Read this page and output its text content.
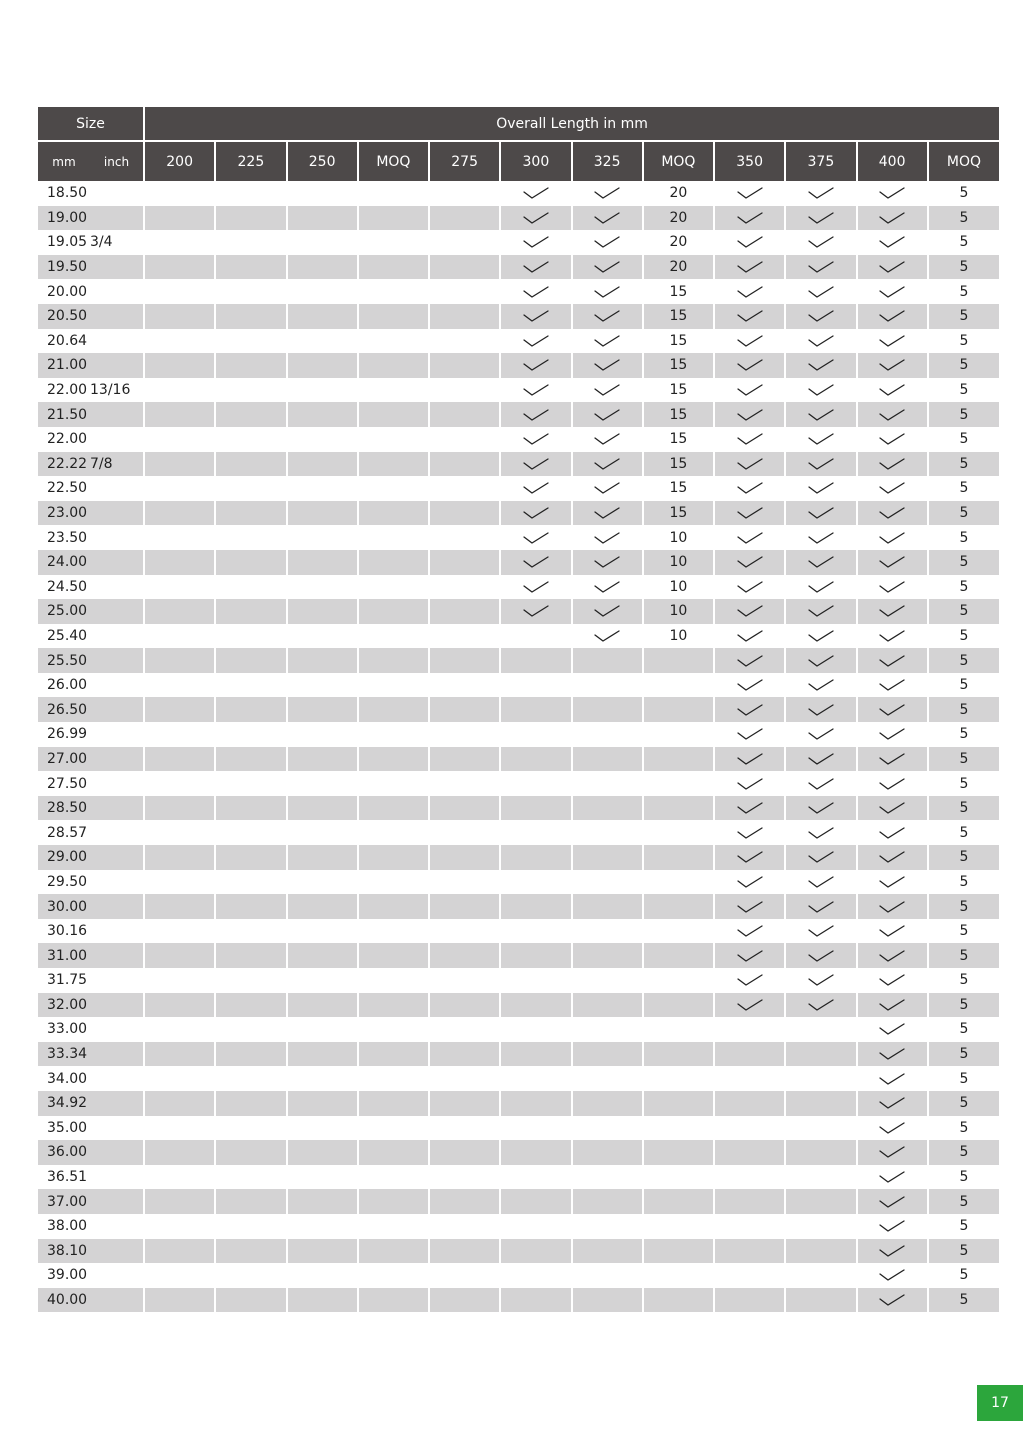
Size		Overall Length in mm											
mm	inch	200	225	250	MOQ	275	300	325	MOQ	350	375	400	MOQ
18.50									20				5
19.00									20				5
19.05	3/4								20				5
19.50									20				5
20.00									15				5
20.50									15				5
20.64									15				5
21.00									15				5
22.00	13/16								15				5
21.50									15				5
22.00									15				5
22.22	7/8								15				5
22.50									15				5
23.00									15				5
23.50									10				5
24.00									10				5
24.50									10				5
25.00									10				5
25.40									10				5
25.50													5
26.00													5
26.50													5
26.99													5
27.00													5
27.50													5
28.50													5
28.57													5
29.00													5
29.50													5
30.00													5
30.16													5
31.00													5
31.75													5
32.00													5
33.00													5
33.34													5
34.00													5
34.92													5
35.00													5
36.00													5
36.51													5
37.00													5
38.00													5
38.10													5
39.00													5
40.00													5
17
